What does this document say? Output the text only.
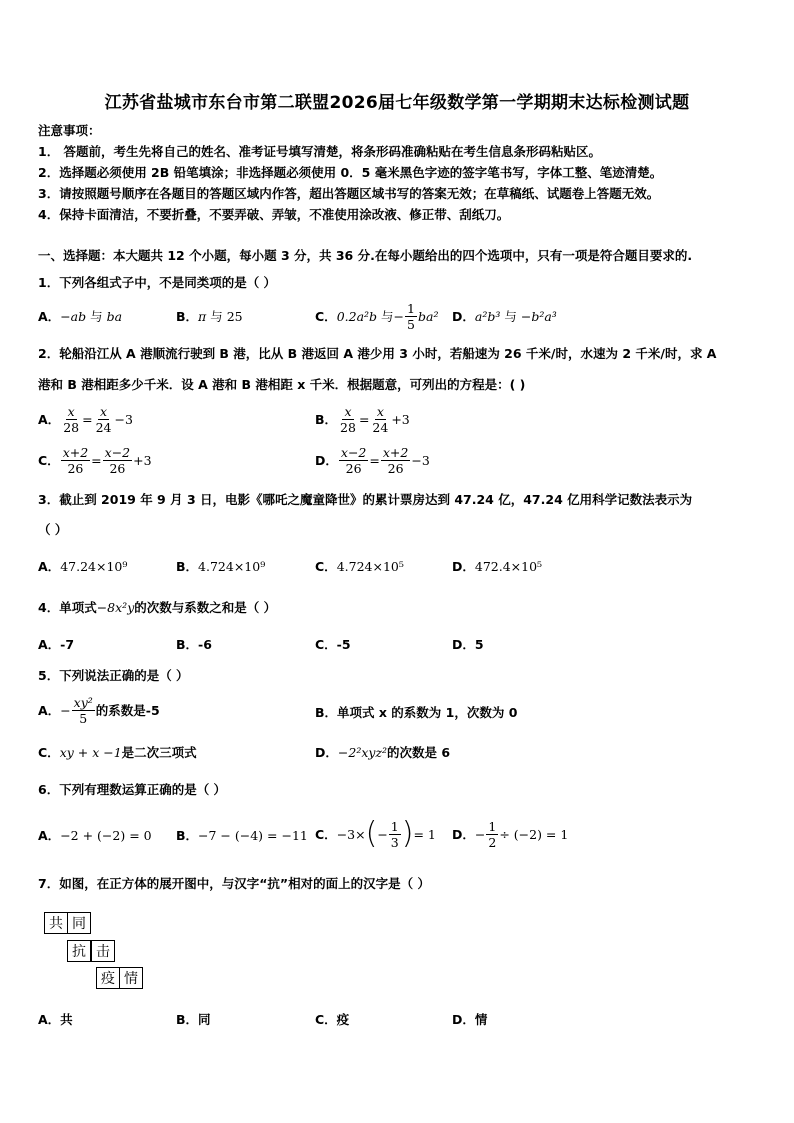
江苏省盐城市东台市第二联盟2026届七年级数学第一学期期末达标检测试题
注意事项：
1． 答题前，考生先将自己的姓名、准考证号填写清楚，将条形码准确粘贴在考生信息条形码粘贴区。
2．选择题必须使用 2B 铅笔填涂；非选择题必须使用 0．5 毫米黑色字迹的签字笔书写，字体工整、笔迹清楚。
3．请按照题号顺序在各题目的答题区域内作答，超出答题区域书写的答案无效；在草稿纸、试题卷上答题无效。
4．保持卡面清洁，不要折叠，不要弄破、弄皱，不准使用涂改液、修正带、刮纸刀。
一、选择题：本大题共 12 个小题，每小题 3 分，共 36 分.在每小题给出的四个选项中，只有一项是符合题目要求的.
1．下列各组式子中，不是同类项的是（ ）
A． −ab
与
ba	B． π
与
25	C． 0.2a²b
与 − $\frac{1}{5} ba^2$ D． a²b³
与
−b²a³
2．轮船沿江从 A 港顺流行驶到 B 港，比从 B 港返回 A 港少用 3 小时，若船速为 26 千米/时，水速为 2 千米/时，求 A
港和 B 港相距多少千米．设 A 港和 B 港相距 x 千米．根据题意，可列出的方程是：( )
A． $\frac{x}{28} = \frac{x}{24} -3$	B． $\frac{x}{28} = \frac{x}{24} +3$
C． $\frac{x+2}{26} = \frac{x-2}{26} +3$	D． $\frac{x-2}{26} = \frac{x+2}{26} -3$
3．截止到 2019 年 9 月 3 日，电影《哪吒之魔童降世》的累计票房达到 47.24 亿，47.24 亿用科学记数法表示为
（ ）
A．47.24×10⁹	B．4.724×10⁹	C．4.724×10⁵	D．472.4×10⁵
4．单项式−8x²y的次数与系数之和是（ ）
A．-7	B．-6	C．-5	D．5
5．下列说法正确的是（ ）
A． − $\frac{\text{xy²}}{5}$ 的系数是-5	B．单项式 x 的系数为 1，次数为 0
C．xy + x −1是二次三项式	D．−2²xyz²的次数是 6
6．下列有理数运算正确的是（ ）
A．−2 + (−2) = 0 B．−7 − (−4) = −11 C． −3× ( − $\frac{1}{3}$ ) = 1 D． − $\frac{1}{2} \div (-2) = 1$
7．如图，在正方体的展开图中，与汉字“抗”相对的面上的汉字是（ ）
共 同
抗 击
疫 情
A．共	B．同	C．疫	D．情
